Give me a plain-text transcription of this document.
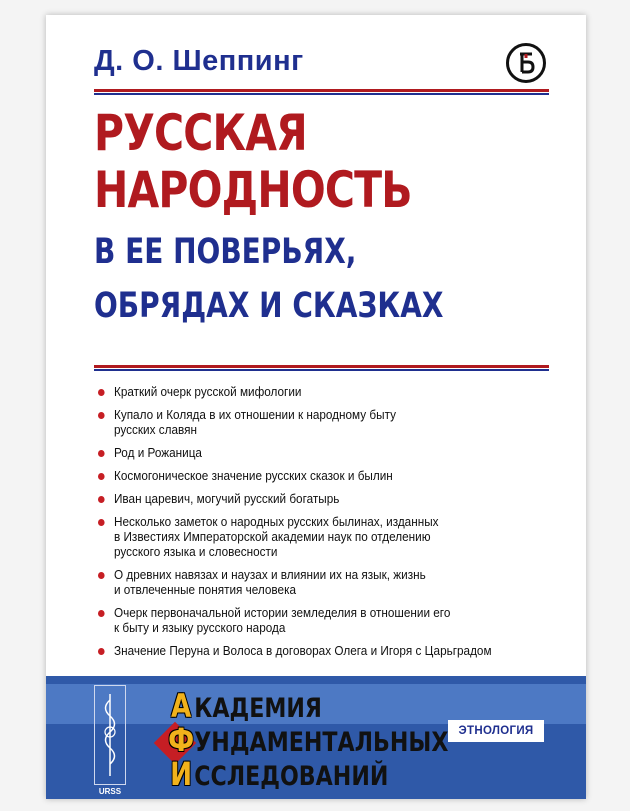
Д. О. Шеппинг
РУССКАЯ
НАРОДНОСТЬ
В ЕЕ ПОВЕРЬЯХ,
ОБРЯДАХ И СКАЗКАХ
Краткий очерк русской мифологии
Купало и Коляда в их отношении к народному быту
русских славян
Род и Рожаница
Космогоническое значение русских сказок и былин
Иван царевич, могучий русский богатырь
Несколько заметок о народных русских былинах, изданных
в Известиях Императорской академии наук по отделению
русского языка и словесности
О древних навязах и наузах и влиянии их на язык, жизнь
и отвлеченные понятия человека
Очерк первоначальной истории земледелия в отношении его
к быту и языку русского народа
Значение Перуна и Волоса в договорах Олега и Игоря с Царьградом
URSS
А КАДЕМИЯ
ФУНДАМЕНТАЛЬНЫХ
ИССЛЕДОВАНИЙ
ЭТНОЛОГИЯ
